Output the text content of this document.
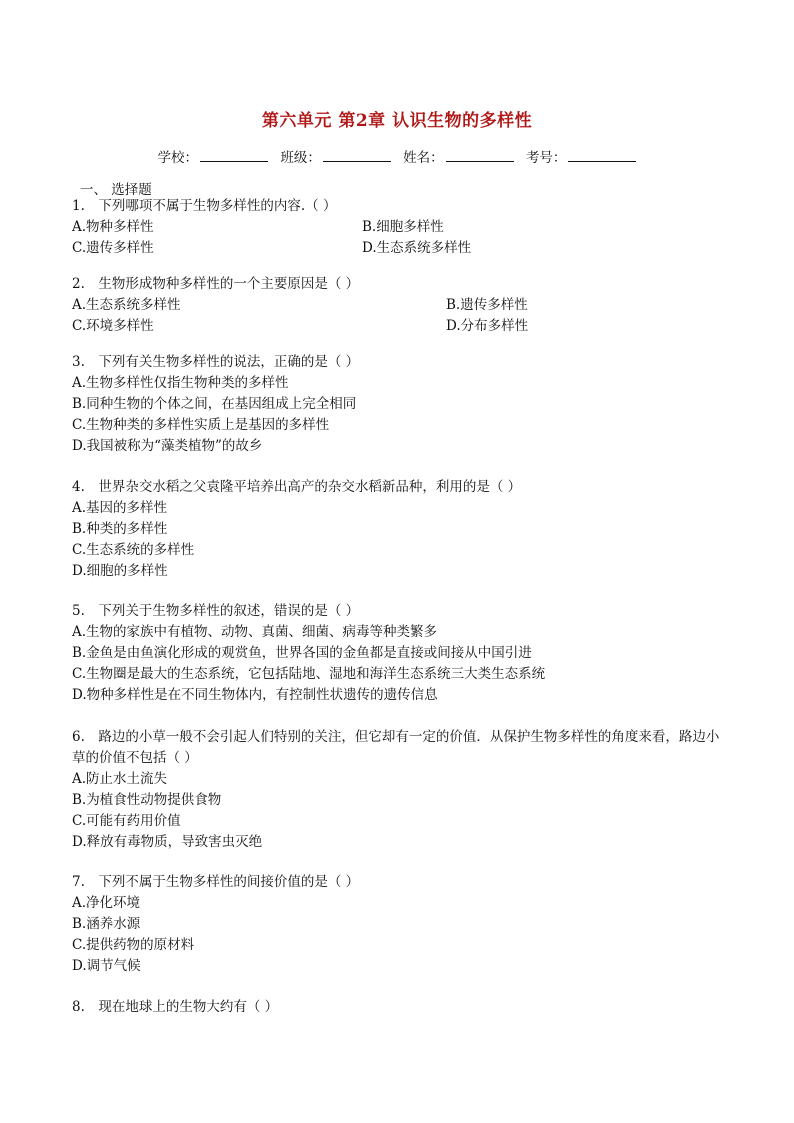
第六单元 第2章 认识生物的多样性
学校：	班级：	姓名：	考号：
一、 选择题
1.　下列哪项不属于生物多样性的内容.（ ）
A.物种多样性	B.细胞多样性
C.遗传多样性	D.生态系统多样性
2.　生物形成物种多样性的一个主要原因是（ ）
A.生态系统多样性	B.遗传多样性
C.环境多样性	D.分布多样性
3.　下列有关生物多样性的说法，正确的是（ ）
A.生物多样性仅指生物种类的多样性
B.同种生物的个体之间，在基因组成上完全相同
C.生物种类的多样性实质上是基因的多样性
D.我国被称为“藻类植物”的故乡
4.　世界杂交水稻之父袁隆平培养出高产的杂交水稻新品种，利用的是（ ）
A.基因的多样性
B.种类的多样性
C.生态系统的多样性
D.细胞的多样性
5.　下列关于生物多样性的叙述，错误的是（ ）
A.生物的家族中有植物、动物、真菌、细菌、病毒等种类繁多
B.金鱼是由鱼演化形成的观赏鱼，世界各国的金鱼都是直接或间接从中国引进
C.生物圈是最大的生态系统，它包括陆地、湿地和海洋生态系统三大类生态系统
D.物种多样性是在不同生物体内，有控制性状遗传的遗传信息
6.　路边的小草一般不会引起人们特别的关注，但它却有一定的价值．从保护生物多样性的角度来看，路边小草的价值不包括（ ）
A.防止水土流失
B.为植食性动物提供食物
C.可能有药用价值
D.释放有毒物质，导致害虫灭绝
7.　下列不属于生物多样性的间接价值的是（ ）
A.净化环境
B.涵养水源
C.提供药物的原材料
D.调节气候
8.　现在地球上的生物大约有（ ）
